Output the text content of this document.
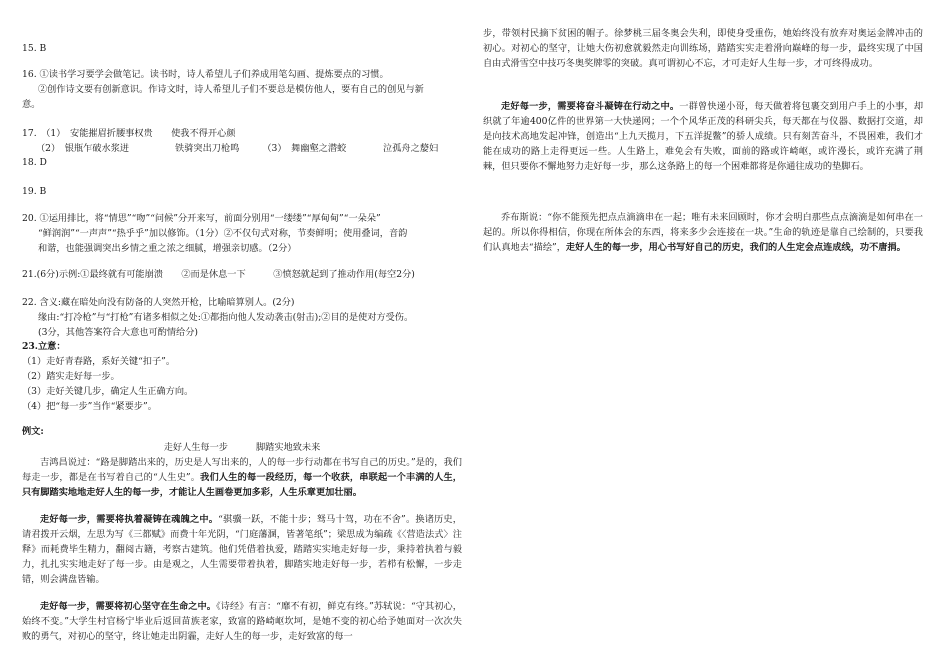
15. B
16. ①读书学习要学会做笔记。读书时，诗人希望儿子们养成用笔勾画、提炼要点的习惯。
②创作诗文要有创新意识。作诗文时，诗人希望儿子们不要总是模仿他人，要有自己的创见与新
意。
17.　（1）　安能摧眉折腰事权贵　　使我不得开心颜
（2）　银瓶乍破水浆迸　　　　　铁骑突出刀枪鸣　　　（3）　舞幽壑之潜蛟　　　　泣孤舟之嫠妇
18. D
19. B
20. ①运用排比，将“情思”“吻”“问候”分开来写，前面分别用“一缕缕”“厚甸甸”“一朵朵”
“鲜润润”“一声声”“热乎乎”加以修饰。（1分）②不仅句式对称，节奏鲜明；使用叠词，音韵
和谐，也能强调突出乡情之重之浓之细腻，增强亲切感。（2分）
21.(6分)示例:①最终就有可能崩溃　　②而是休息一下　　　③愤怒就起到了推动作用(每空2分)
22. 含义:藏在暗处向没有防备的人突然开枪，比喻暗算别人。(2分)
缘由:“打冷枪”与“打枪”有诸多相似之处:①都指向他人发动袭击(射击);②目的是使对方受伤。
(3分，其他答案符合大意也可酌情给分)
23.立意：
（1）走好青春路，系好关键“扣子”。
（2）踏实走好每一步。
（3）走好关键几步，确定人生正确方向。
（4）把“每一步”当作“紧要步”。
例文:
走好人生每一步	脚踏实地致未来

吉鸿昌说过：“路是脚踏出来的，历史是人写出来的，人的每一步行动都在书写自己的历史。”是的，我们每走一步，都是在书写着自己的“人生史”。我们人生的每一段经历，每一个收获，串联起一个丰满的人生，只有脚踏实地地走好人生的每一步，才能让人生画卷更加多彩，人生乐章更加壮丽。

走好每一步，需要将执着凝铸在魂魄之中。“骐骥一跃，不能十步；驽马十驾，功在不舍”。换诸历史，请君拨开云烟，左思为写《三都赋》而费十年光阴，“门庭藩溷，皆著笔纸”；梁思成为编疏《〈营造法式〉注释》而耗费毕生精力，翻阅古籍，考察古建筑。他们凭借着执爱，踏踏实实地走好每一步，秉持着执着与毅力，扎扎实实地走好了每一步。由是观之，人生需要带着执着，脚踏实地走好每一步，若栉有松懈，一步走错，则会满盘皆输。

走好每一步，需要将初心坚守在生命之中。《诗经》有言：“靡不有初，鲜克有终。”苏轼说：“守其初心，始终不变。”大学生村官杨宁毕业后返回苗族老家，致富的路崎岖坎坷，是她不变的初心给予她面对一次次失败的勇气，对初心的坚守，终让她走出阴霾，走好人生的每一步，走好致富的每一

步，带领村民摘下贫困的帽子。徐梦桃三届冬奥会失利，即使身受重伤，她始终没有放弃对奥运金牌冲击的初心。对初心的坚守，让她大伤初愈就毅然走向训练场，踏踏实实走着滑向巅峰的每一步，最终实现了中国自由式滑雪空中技巧冬奥奖牌零的突破。真可谓初心不忘，才可走好人生每一步，才可终得成功。

走好每一步，需要将奋斗凝铸在行动之中。一群曾快递小哥，每天做着将包裹交到用户手上的小事，却织就了年逾400亿件的世界第一大快递网；一个个风华正茂的科研尖兵，每天都在与仪器、数据打交道，却是向技术高地发起冲锋，创造出“上九天揽月，下五洋捉鳖”的骄人成绩。只有刻苦奋斗，不畏困难，我们才能在成功的路上走得更远一些。人生路上，难免会有失败，面前的路或许崎岖，或许漫长，或许充满了荆棘，但只要你不懈地努力走好每一步，那么这条路上的每一个困难都将是你通往成功的垫脚石。

乔布斯说：“你不能预先把点点滴滴串在一起；唯有未来回顾时，你才会明白那些点点滴滴是如何串在一起的。所以你得相信，你现在所体会的东西，将来多少会连接在一块。”生命的轨迹是靠自己绘制的，只要我们认真地去“描绘”，走好人生的每一步，用心书写好自己的历史，我们的人生定会点连成线，功不唐捐。
